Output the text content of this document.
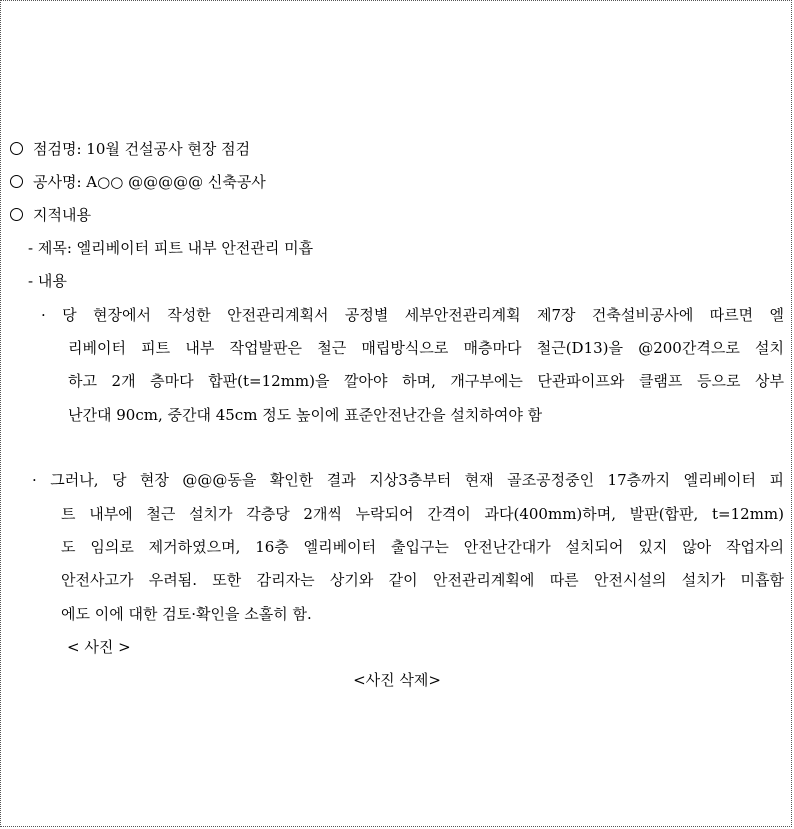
점검명: 10월 건설공사 현장 점검
공사명: A○○ @@@@@ 신축공사
지적내용
- 제목: 엘리베이터 피트 내부 안전관리 미흡
- 내용
· 당 현장에서 작성한 안전관리계획서 공정별 세부안전관리계획 제7장 건축설비공사에 따르면 엘
리베이터 피트 내부 작업발판은 철근 매립방식으로 매층마다 철근(D13)을 @200간격으로 설치
하고 2개 층마다 합판(t=12mm)을 깔아야 하며, 개구부에는 단관파이프와 클램프 등으로 상부
난간대 90cm, 중간대 45cm 정도 높이에 표준안전난간을 설치하여야 함
· 그러나, 당 현장 @@@동을 확인한 결과 지상3층부터 현재 골조공정중인 17층까지 엘리베이터 피
트 내부에 철근 설치가 각층당 2개씩 누락되어 간격이 과다(400mm)하며, 발판(합판, t=12mm)
도 임의로 제거하였으며, 16층 엘리베이터 출입구는 안전난간대가 설치되어 있지 않아 작업자의
안전사고가 우려됨. 또한 감리자는 상기와 같이 안전관리계획에 따른 안전시설의 설치가 미흡함
에도 이에 대한 검토·확인을 소홀히 함.
< 사진 >
<사진 삭제>
